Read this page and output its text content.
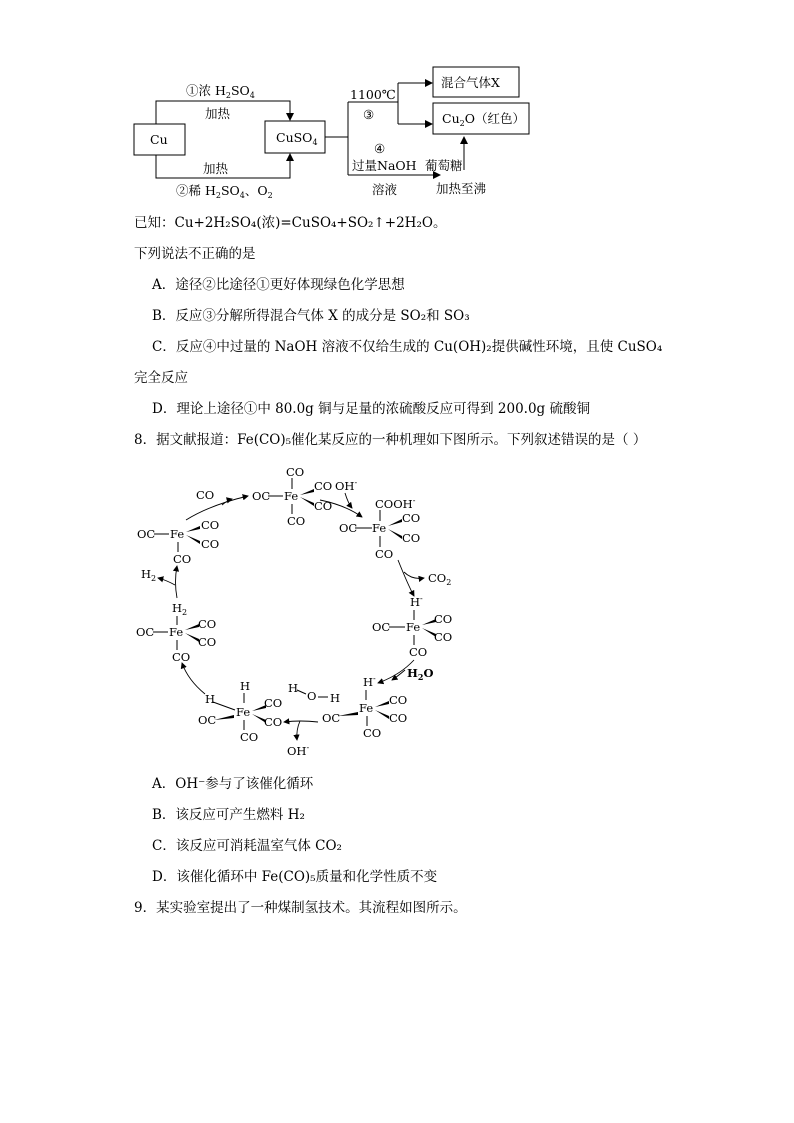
Cu	CuSO$_4$
①浓 $H_2SO_4$
加热
加热
②稀 $H_2SO_4$、$O_2$
1100℃
③
混合气体X
$Cu_2O$（红色）
④
过量NaOH 葡萄糖
溶液	加热至沸
已知：Cu+2H₂SO₄(浓)=CuSO₄+SO₂↑+2H₂O。
下列说法不正确的是
A．途径②比途径①更好体现绿色化学思想
B．反应③分解所得混合气体 X 的成分是 SO₂和 SO₃
C．反应④中过量的 NaOH 溶液不仅给生成的 Cu(OH)₂提供碱性环境，且使 CuSO₄
完全反应
D．理论上途径①中 80.0g 铜与足量的浓硫酸反应可得到 200.0g 硫酸铜
8．据文献报道：Fe(CO)₅催化某反应的一种机理如下图所示。下列叙述错误的是（ ）
OC Fe
CO
CO
CO
CO
OC Fe
COOH-
CO
CO
CO
H-
OC Fe
CO
CO
CO
H-
OC
Fe
CO
CO
CO
H
O H
H
H
Fe
OC
CO
CO
CO
$H_2$
OC Fe
CO
CO
CO
OC Fe
CO
CO
CO
CO
OH-
$CO_2$
$H_2O$
OH-
$H_2$
A．OH⁻参与了该催化循环
B．该反应可产生燃料 H₂
C．该反应可消耗温室气体 CO₂
D．该催化循环中 Fe(CO)₅质量和化学性质不变
9．某实验室提出了一种煤制氢技术。其流程如图所示。
